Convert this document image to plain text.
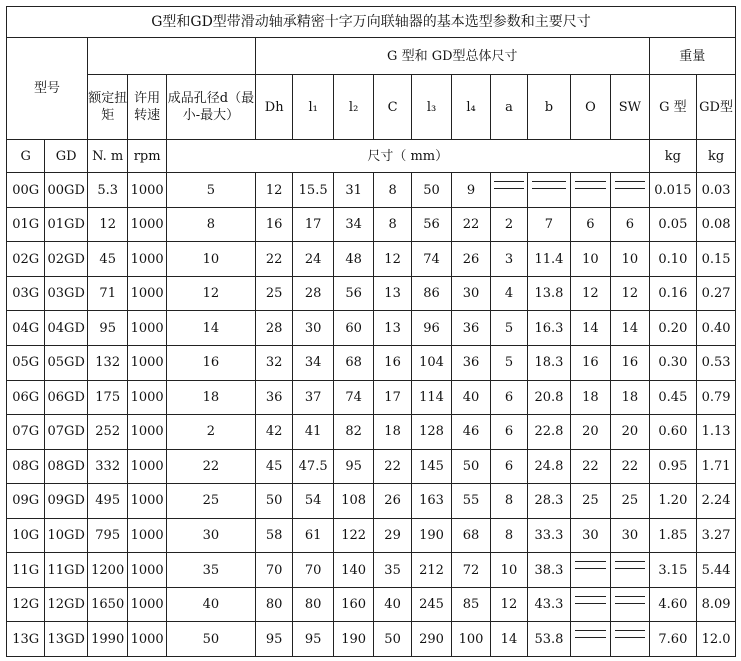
G型和GD型带滑动轴承精密十字万向联轴器的基本选型参数和主要尺寸																
型号					G 型和 GD型总体尺寸										重量	
		额定扭矩	许用转速	成品孔径d（最小-最大）	Dh	l₁	l₂	C	l₃	l₄	a	b	O	SW	G 型	GD型
G	GD	N. m	rpm	尺寸（ mm）											kg	kg
00G	00GD	5.3	1000	5	12	15.5	31	8	50	9					0.015	0.03
01G	01GD	12	1000	8	16	17	34	8	56	22	2	7	6	6	0.05	0.08
02G	02GD	45	1000	10	22	24	48	12	74	26	3	11.4	10	10	0.10	0.15
03G	03GD	71	1000	12	25	28	56	13	86	30	4	13.8	12	12	0.16	0.27
04G	04GD	95	1000	14	28	30	60	13	96	36	5	16.3	14	14	0.20	0.40
05G	05GD	132	1000	16	32	34	68	16	104	36	5	18.3	16	16	0.30	0.53
06G	06GD	175	1000	18	36	37	74	17	114	40	6	20.8	18	18	0.45	0.79
07G	07GD	252	1000	2	42	41	82	18	128	46	6	22.8	20	20	0.60	1.13
08G	08GD	332	1000	22	45	47.5	95	22	145	50	6	24.8	22	22	0.95	1.71
09G	09GD	495	1000	25	50	54	108	26	163	55	8	28.3	25	25	1.20	2.24
10G	10GD	795	1000	30	58	61	122	29	190	68	8	33.3	30	30	1.85	3.27
11G	11GD	1200	1000	35	70	70	140	35	212	72	10	38.3			3.15	5.44
12G	12GD	1650	1000	40	80	80	160	40	245	85	12	43.3			4.60	8.09
13G	13GD	1990	1000	50	95	95	190	50	290	100	14	53.8			7.60	12.0
